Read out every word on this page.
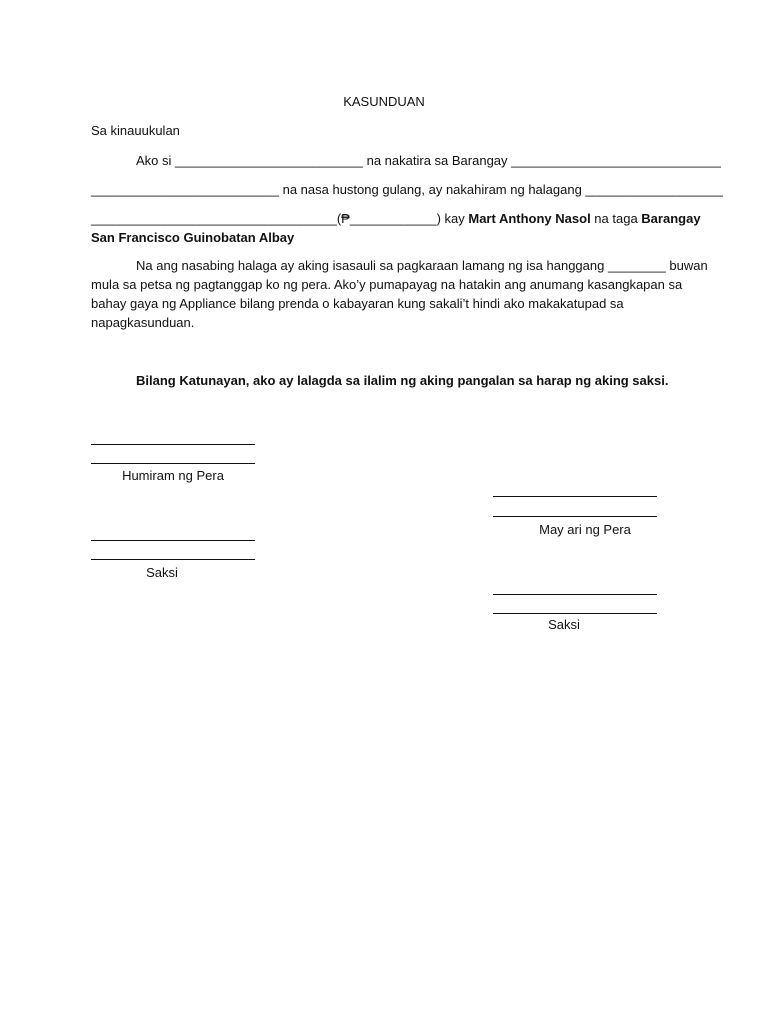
KASUNDUAN
Sa kinauukulan
Ako si __________________________ na nakatira sa Barangay _____________________________
__________________________ na nasa hustong gulang, ay nakahiram ng halagang ___________________
__________________________________(₱____________) kay Mart Anthony Nasol na taga Barangay
San Francisco Guinobatan Albay
Na ang nasabing halaga ay aking isasauli sa pagkaraan lamang ng isa hanggang ________ buwan
mula sa petsa ng pagtanggap ko ng pera. Ako’y pumapayag na hatakin ang anumang kasangkapan sa
bahay gaya ng Appliance bilang prenda o kabayaran kung sakali’t hindi ako makakatupad sa
napagkasunduan.
Bilang Katunayan, ako ay lalagda sa ilalim ng aking pangalan sa harap ng aking saksi.
Humiram ng Pera
May ari ng Pera
Saksi
Saksi
